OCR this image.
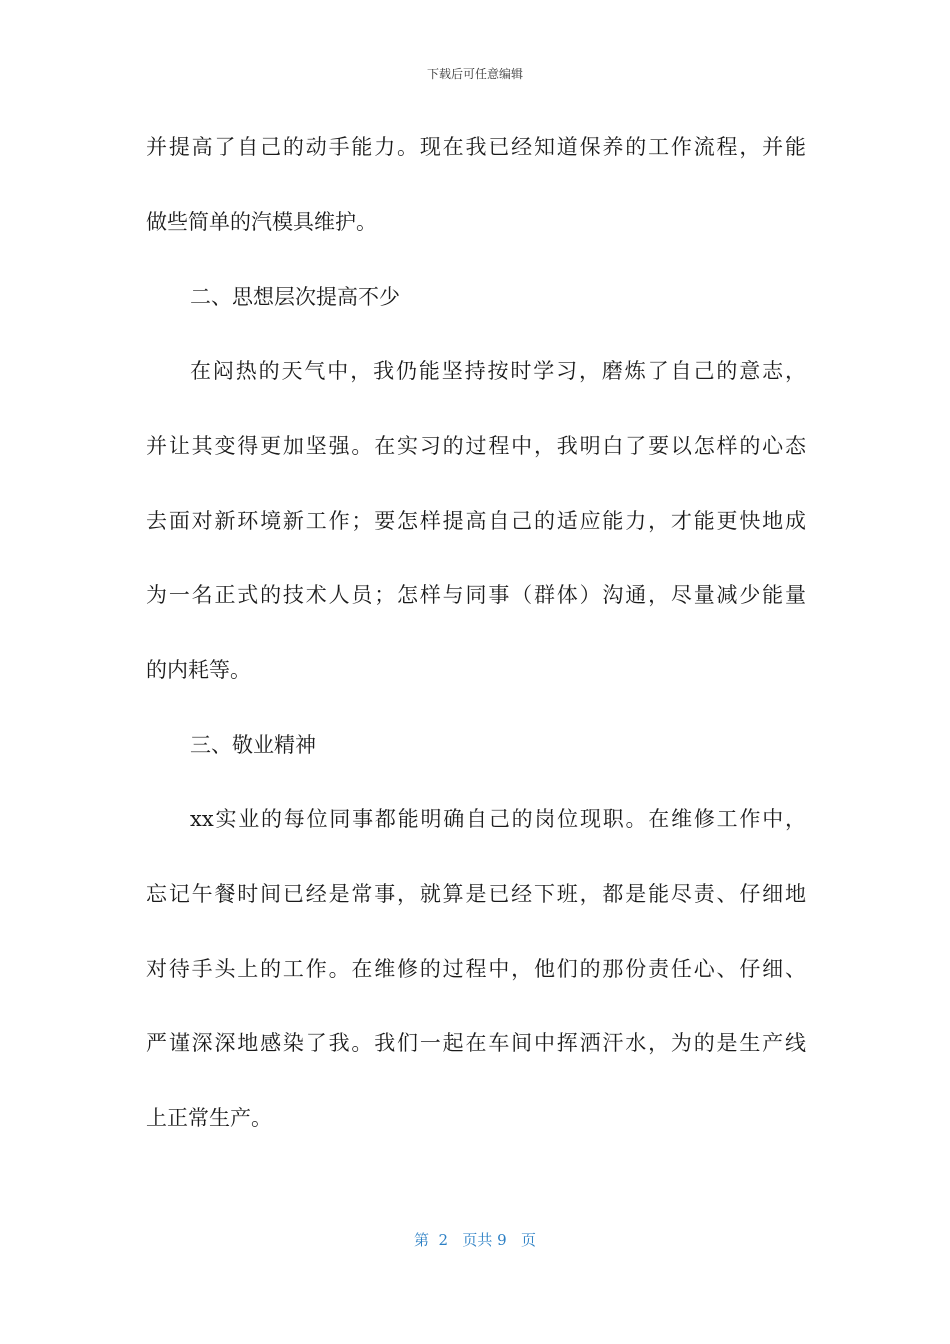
下载后可任意编辑
并提高了自己的动手能力。现在我已经知道保养的工作流程，并能
做些简单的汽模具维护。
二、思想层次提高不少
在闷热的天气中，我仍能坚持按时学习，磨炼了自己的意志，
并让其变得更加坚强。在实习的过程中，我明白了要以怎样的心态
去面对新环境新工作；要怎样提高自己的适应能力，才能更快地成
为一名正式的技术人员；怎样与同事（群体）沟通，尽量减少能量
的内耗等。
三、敬业精神
xx实业的每位同事都能明确自己的岗位现职。在维修工作中，
忘记午餐时间已经是常事，就算是已经下班，都是能尽责、仔细地
对待手头上的工作。在维修的过程中，他们的那份责任心、仔细、
严谨深深地感染了我。我们一起在车间中挥洒汗水，为的是生产线
上正常生产。
第  2   页共 9   页
